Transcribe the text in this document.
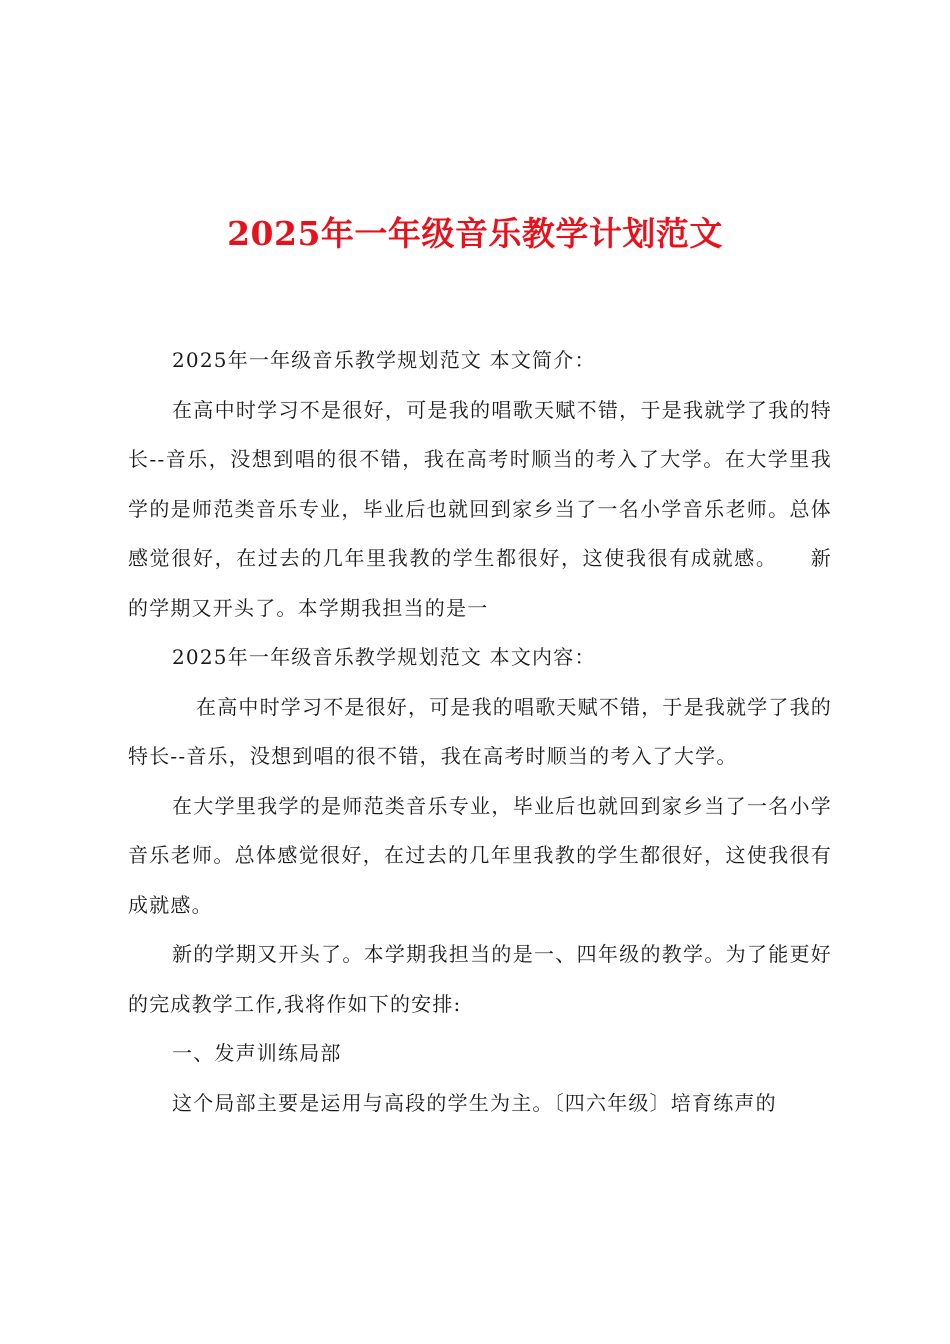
2025年一年级音乐教学计划范文

2025年一年级音乐教学规划范文 本文简介：

在高中时学习不是很好，可是我的唱歌天赋不错，于是我就学了我的特长--音乐，没想到唱的很不错，我在高考时顺当的考入了大学。在大学里我学的是师范类音乐专业，毕业后也就回到家乡当了一名小学音乐老师。总体感觉很好，在过去的几年里我教的学生都很好，这使我很有成就感。　　新的学期又开头了。本学期我担当的是一

2025年一年级音乐教学规划范文 本文内容：

在高中时学习不是很好，可是我的唱歌天赋不错，于是我就学了我的特长--音乐，没想到唱的很不错，我在高考时顺当的考入了大学。

在大学里我学的是师范类音乐专业，毕业后也就回到家乡当了一名小学音乐老师。总体感觉很好，在过去的几年里我教的学生都很好，这使我很有成就感。

新的学期又开头了。本学期我担当的是一、四年级的教学。为了能更好的完成教学工作,我将作如下的安排:

一、发声训练局部

这个局部主要是运用与高段的学生为主。〔四六年级〕培育练声的
